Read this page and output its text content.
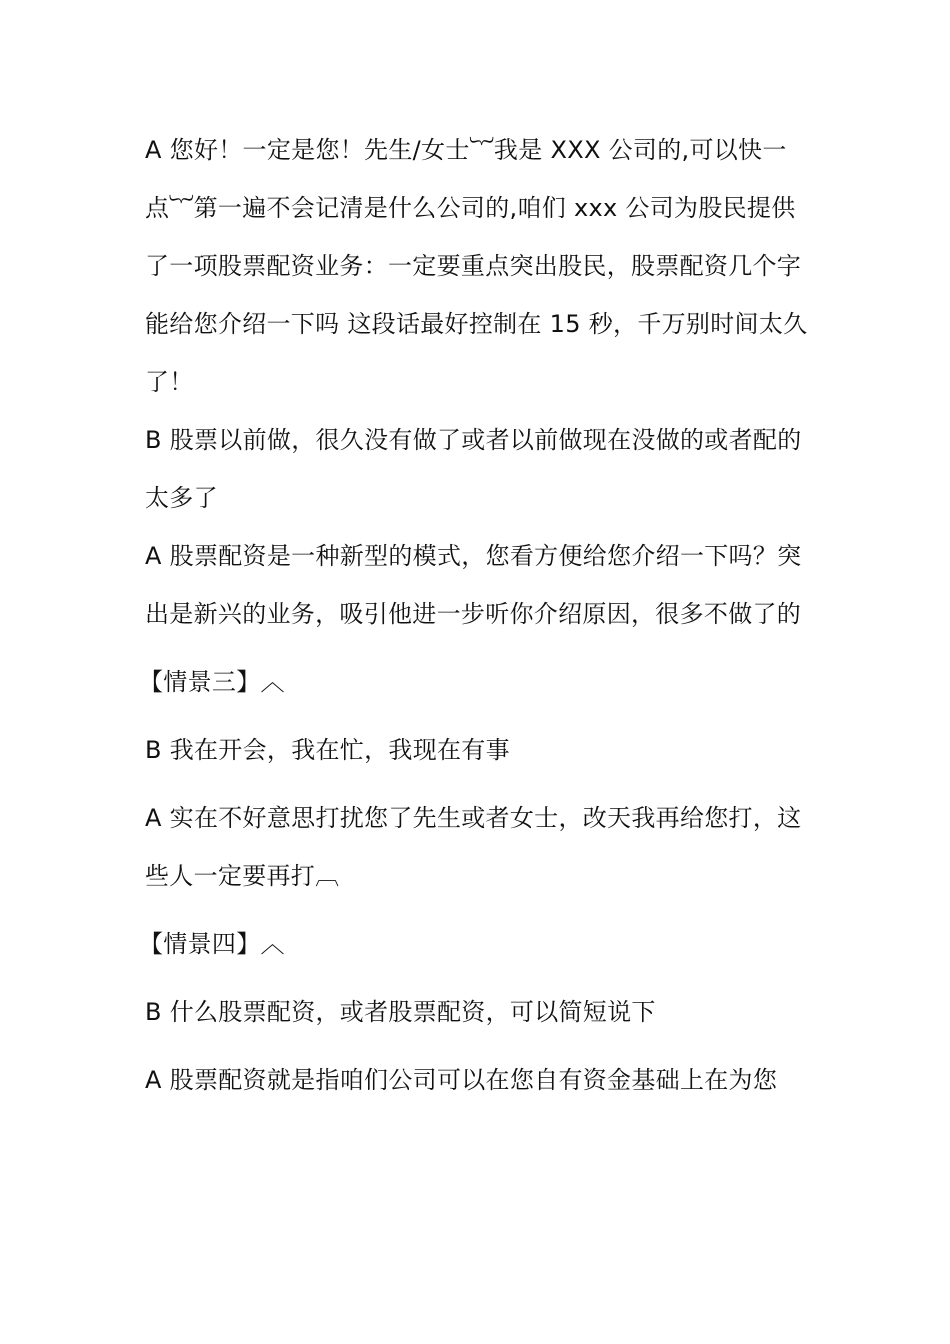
A 您好！一定是您！先生/女士︸我是 XXX 公司的,可以快一点︸第一遍不会记清是什么公司的,咱们 xxx 公司为股民提供了一项股票配资业务：一定要重点突出股民，股票配资几个字 能给您介绍一下吗 这段话最好控制在 15 秒，千万别时间太久了！

B 股票以前做，很久没有做了或者以前做现在没做的或者配的太多了

A 股票配资是一种新型的模式，您看方便给您介绍一下吗？突出是新兴的业务，吸引他进一步听你介绍原因，很多不做了的

【情景三】︿

B 我在开会，我在忙，我现在有事

A 实在不好意思打扰您了先生或者女士，改天我再给您打，这些人一定要再打︹

【情景四】︿

B 什么股票配资，或者股票配资，可以简短说下

A 股票配资就是指咱们公司可以在您自有资金基础上在为您
